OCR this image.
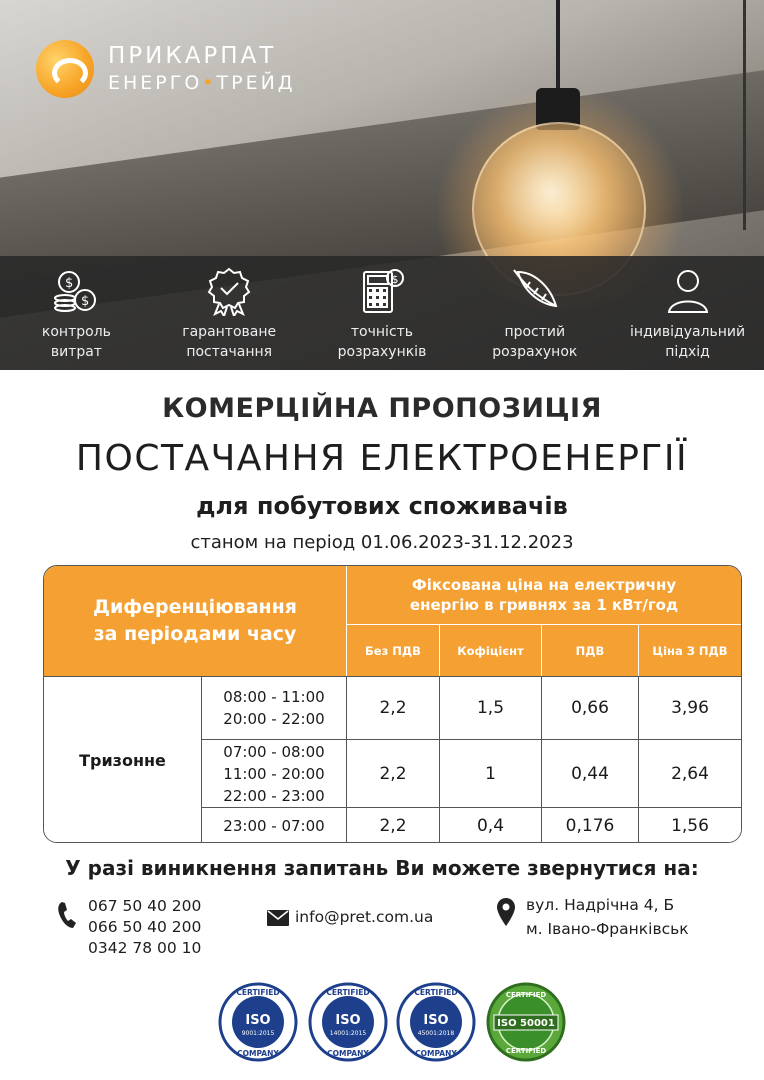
ПРИКАРПАТ
ЕНЕРГО•ТРЕЙД
$
$
контроль
витрат
гарантоване
постачання
$
точність
розрахунків
простий
розрахунок
індивідуальний
підхід
КОМЕРЦІЙНА ПРОПОЗИЦІЯ
ПОСТАЧАННЯ ЕЛЕКТРОЕНЕРГІЇ
для побутових споживачів
станом на період 01.06.2023-31.12.2023
Диференціювання
за періодами часу
Фіксована ціна на електричну
енергію в гривнях за 1 кВт/год
Без ПДВ	Кофіцієнт	ПДВ	Ціна З ПДВ
Тризонне
08:00 - 11:00
20:00 - 22:00
2,2	1,5	0,66	3,96
07:00 - 08:00
11:00 - 20:00
22:00 - 23:00
2,2	1	0,44	2,64
23:00 - 07:00	2,2	0,4	0,176	1,56
У разі виникнення запитань Ви можете звернутися на:
067 50 40 200
066 50 40 200
0342 78 00 10
info@pret.com.ua
вул. Надрічна 4, Б
м. Івано-Франківськ
CERTIFIED
ISO
9001:2015
COMPANY
CERTIFIED
ISO
14001:2015
COMPANY
CERTIFIED
ISO
45001:2018
COMPANY
CERTIFIED
ISO 50001
CERTIFIED
